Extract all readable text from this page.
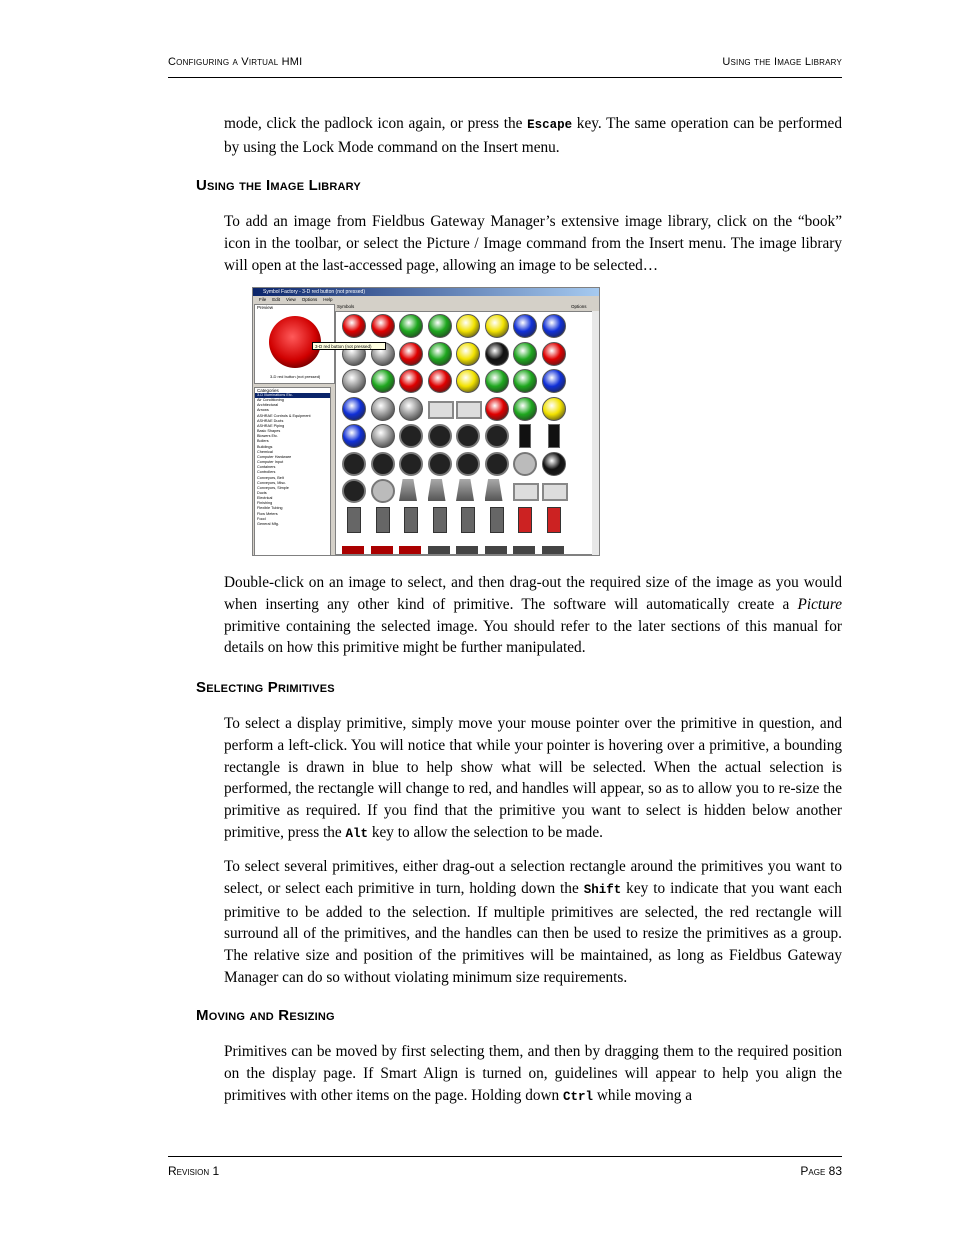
Configuring a Virtual HMI	Using the Image Library

mode, click the padlock icon again, or press the Escape key. The same operation can be performed by using the Lock Mode command on the Insert menu.

Using the Image Library

To add an image from Fieldbus Gateway Manager’s extensive image library, click on the “book” icon in the toolbar, or select the Picture / Image command from the Insert menu. The image library will open at the last-accessed page, allowing an image to be selected…

Symbol Factory - 3-D red button (not pressed)
File Edit View Options Help
Preview
3-D red button (not pressed)
Categories
3-D Illuminations Etc.
Air Conditioning
Architectural
Arrows
ASHRAE Controls & Equipment
ASHRAE Ducts
ASHRAE Piping
Basic Shapes
Blowers Etc.
Boilers
Buildings
Chemical
Computer Hardware
Computer Input
Containers
Controllers
Conveyors, Belt
Conveyors, Misc.
Conveyors, Simple
Ducts
Electrical
Finishing
Flexible Tubing
Flow Meters
Food
General Mfg.
Symbols	Options
3-D red button (not pressed)

Double-click on an image to select, and then drag-out the required size of the image as you would when inserting any other kind of primitive. The software will automatically create a Picture primitive containing the selected image. You should refer to the later sections of this manual for details on how this primitive might be further manipulated.

Selecting Primitives

To select a display primitive, simply move your mouse pointer over the primitive in question, and perform a left-click. You will notice that while your pointer is hovering over a primitive, a bounding rectangle is drawn in blue to help show what will be selected. When the actual selection is performed, the rectangle will change to red, and handles will appear, so as to allow you to re-size the primitive as required. If you find that the primitive you want to select is hidden below another primitive, press the Alt key to allow the selection to be made.

To select several primitives, either drag-out a selection rectangle around the primitives you want to select, or select each primitive in turn, holding down the Shift key to indicate that you want each primitive to be added to the selection. If multiple primitives are selected, the red rectangle will surround all of the primitives, and the handles can then be used to resize the primitives as a group. The relative size and position of the primitives will be maintained, as long as Fieldbus Gateway Manager can do so without violating minimum size requirements.

Moving and Resizing

Primitives can be moved by first selecting them, and then by dragging them to the required position on the display page. If Smart Align is turned on, guidelines will appear to help you align the primitives with other items on the page. Holding down Ctrl while moving a

Revision 1	Page 83
